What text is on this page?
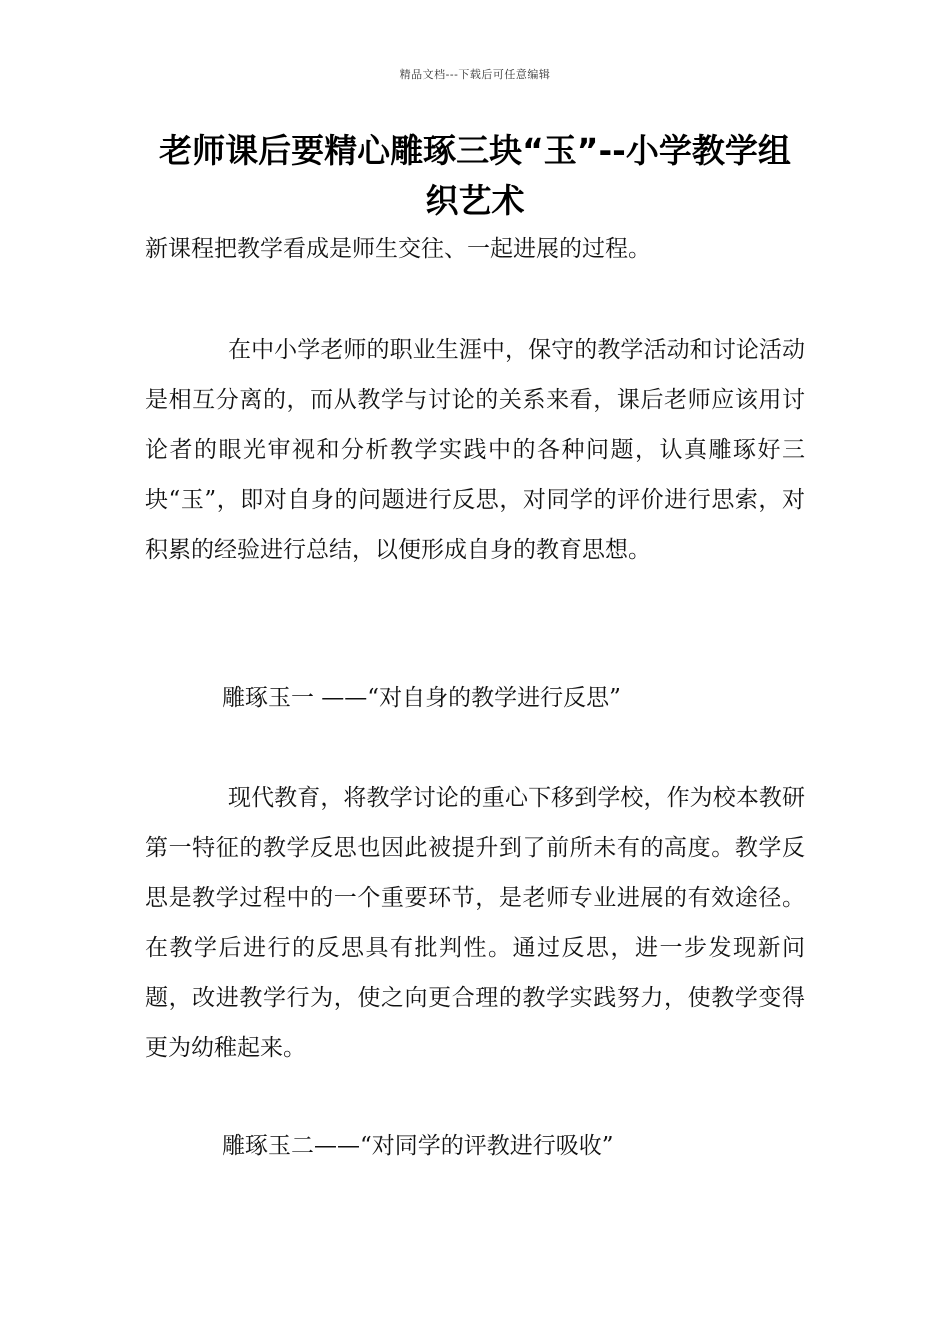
精品文档---下载后可任意编辑
老师课后要精心雕琢三块“玉”--小学教学组织艺术
新课程把教学看成是师生交往、一起进展的过程。
在中小学老师的职业生涯中，保守的教学活动和讨论活动是相互分离的，而从教学与讨论的关系来看，课后老师应该用讨论者的眼光审视和分析教学实践中的各种问题，认真雕琢好三块“玉”，即对自身的问题进行反思，对同学的评价进行思索，对积累的经验进行总结，以便形成自身的教育思想。
雕琢玉一 ——“对自身的教学进行反思”
现代教育，将教学讨论的重心下移到学校，作为校本教研第一特征的教学反思也因此被提升到了前所未有的高度。教学反思是教学过程中的一个重要环节，是老师专业进展的有效途径。在教学后进行的反思具有批判性。通过反思，进一步发现新问题，改进教学行为，使之向更合理的教学实践努力，使教学变得更为幼稚起来。
雕琢玉二——“对同学的评教进行吸收”
